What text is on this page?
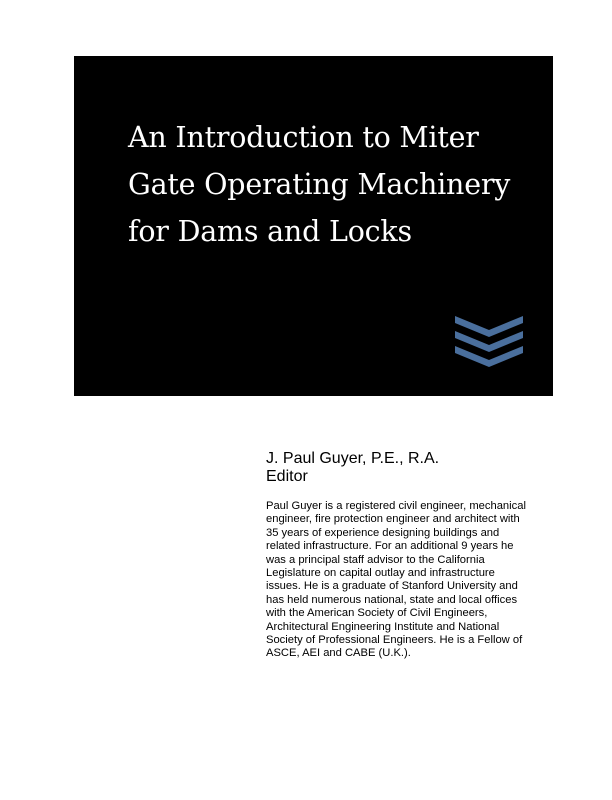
An Introduction to Miter Gate Operating Machinery for Dams and Locks

J. Paul Guyer, P.E., R.A.

Editor

Paul Guyer is a registered civil engineer, mechanical engineer, fire protection engineer and architect with 35 years of experience designing buildings and related infrastructure. For an additional 9 years he was a principal staff advisor to the California Legislature on capital outlay and infrastructure issues. He is a graduate of Stanford University and has held numerous national, state and local offices with the American Society of Civil Engineers, Architectural Engineering Institute and National Society of Professional Engineers. He is a Fellow of ASCE, AEI and CABE (U.K.).
